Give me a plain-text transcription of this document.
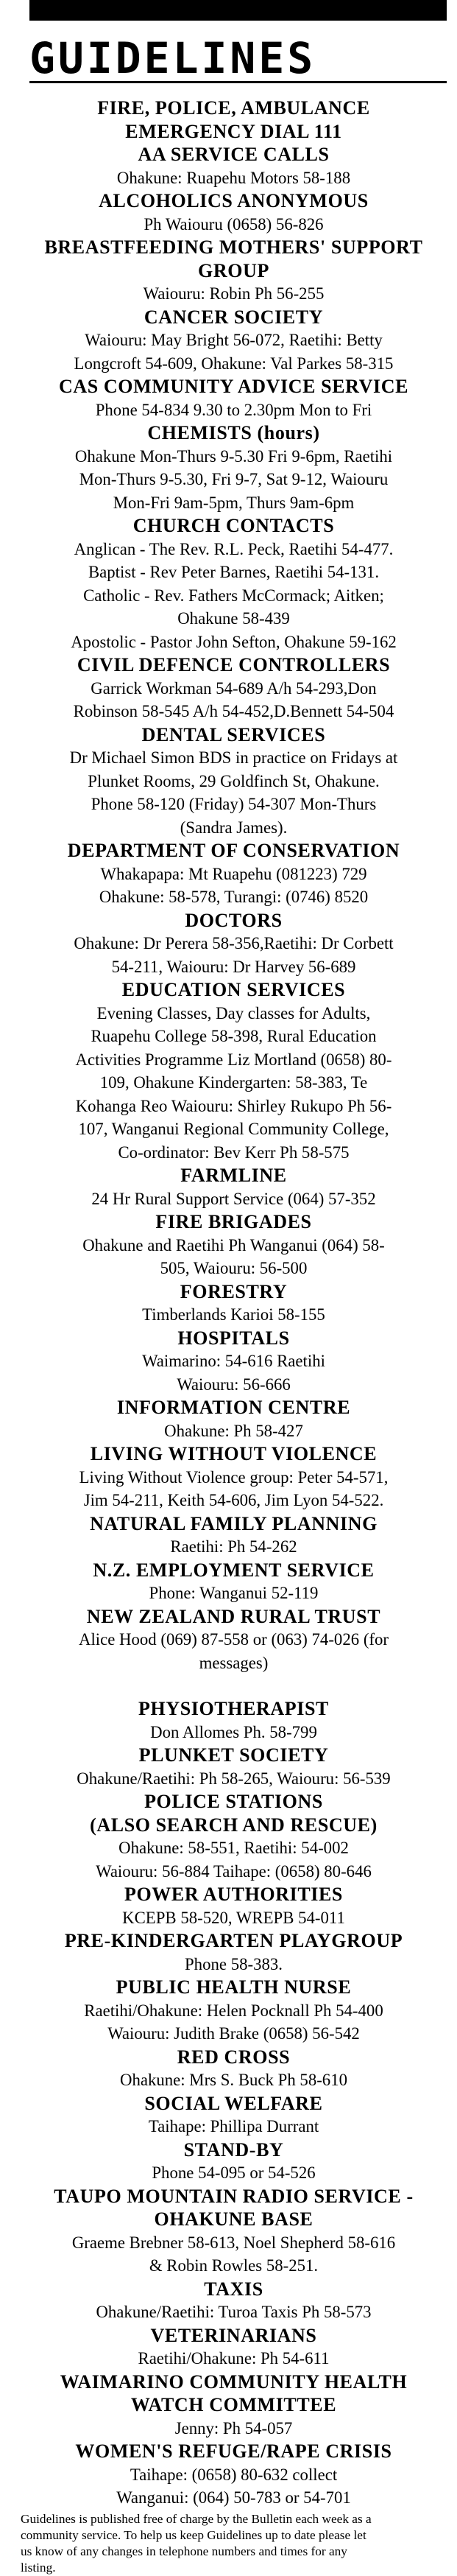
GUIDELINES
FIRE, POLICE, AMBULANCE
EMERGENCY DIAL 111
AA SERVICE CALLS
Ohakune: Ruapehu Motors 58-188
ALCOHOLICS ANONYMOUS
Ph Waiouru (0658) 56-826
BREASTFEEDING MOTHERS' SUPPORT
GROUP
Waiouru: Robin Ph 56-255
CANCER SOCIETY
Waiouru: May Bright 56-072, Raetihi: Betty
Longcroft 54-609, Ohakune: Val Parkes 58-315
CAS COMMUNITY ADVICE SERVICE
Phone 54-834 9.30 to 2.30pm Mon to Fri
CHEMISTS (hours)
Ohakune Mon-Thurs 9-5.30 Fri 9-6pm, Raetihi
Mon-Thurs 9-5.30, Fri 9-7, Sat 9-12, Waiouru
Mon-Fri 9am-5pm, Thurs 9am-6pm
CHURCH CONTACTS
Anglican - The Rev. R.L. Peck, Raetihi 54-477.
Baptist - Rev Peter Barnes, Raetihi 54-131.
Catholic - Rev. Fathers McCormack; Aitken;
Ohakune 58-439
Apostolic - Pastor John Sefton, Ohakune 59-162
CIVIL DEFENCE CONTROLLERS
Garrick Workman 54-689 A/h 54-293,Don
Robinson 58-545 A/h 54-452,D.Bennett 54-504
DENTAL SERVICES
Dr Michael Simon BDS in practice on Fridays at
Plunket Rooms, 29 Goldfinch St, Ohakune.
Phone 58-120 (Friday) 54-307 Mon-Thurs
(Sandra James).
DEPARTMENT OF CONSERVATION
Whakapapa: Mt Ruapehu (081223) 729
Ohakune: 58-578, Turangi: (0746) 8520
DOCTORS
Ohakune: Dr Perera 58-356,Raetihi: Dr Corbett
54-211, Waiouru: Dr Harvey 56-689
EDUCATION SERVICES
Evening Classes, Day classes for Adults,
Ruapehu College 58-398, Rural Education
Activities Programme Liz Mortland (0658) 80-
109, Ohakune Kindergarten: 58-383, Te
Kohanga Reo Waiouru: Shirley Rukupo Ph 56-
107, Wanganui Regional Community College,
Co-ordinator: Bev Kerr Ph 58-575
FARMLINE
24 Hr Rural Support Service (064) 57-352
FIRE BRIGADES
Ohakune and Raetihi Ph Wanganui (064) 58-
505, Waiouru: 56-500
FORESTRY
Timberlands Karioi 58-155
HOSPITALS
Waimarino: 54-616 Raetihi
Waiouru: 56-666
INFORMATION CENTRE
Ohakune: Ph 58-427
LIVING WITHOUT VIOLENCE
Living Without Violence group: Peter 54-571,
Jim 54-211, Keith 54-606, Jim Lyon 54-522.
NATURAL FAMILY PLANNING
Raetihi: Ph 54-262
N.Z. EMPLOYMENT SERVICE
Phone: Wanganui 52-119
NEW ZEALAND RURAL TRUST
Alice Hood (069) 87-558 or (063) 74-026 (for
messages)
PHYSIOTHERAPIST
Don Allomes Ph. 58-799
PLUNKET SOCIETY
Ohakune/Raetihi: Ph 58-265, Waiouru: 56-539
POLICE STATIONS
(ALSO SEARCH AND RESCUE)
Ohakune: 58-551, Raetihi: 54-002
Waiouru: 56-884 Taihape: (0658) 80-646
POWER AUTHORITIES
KCEPB 58-520, WREPB 54-011
PRE-KINDERGARTEN PLAYGROUP
Phone 58-383.
PUBLIC HEALTH NURSE
Raetihi/Ohakune: Helen Pocknall Ph 54-400
Waiouru: Judith Brake (0658) 56-542
RED CROSS
Ohakune: Mrs S. Buck Ph 58-610
SOCIAL WELFARE
Taihape: Phillipa Durrant
STAND-BY
Phone 54-095 or 54-526
TAUPO MOUNTAIN RADIO SERVICE -
OHAKUNE BASE
Graeme Brebner 58-613, Noel Shepherd 58-616
& Robin Rowles 58-251.
TAXIS
Ohakune/Raetihi: Turoa Taxis Ph 58-573
VETERINARIANS
Raetihi/Ohakune: Ph 54-611
WAIMARINO COMMUNITY HEALTH
WATCH COMMITTEE
Jenny: Ph 54-057
WOMEN'S REFUGE/RAPE CRISIS
Taihape: (0658) 80-632 collect
Wanganui: (064) 50-783 or 54-701
Guidelines is published free of charge by the Bulletin each week as a
community service. To help us keep Guidelines up to date please let
us know of any changes in telephone numbers and times for any
listing.
